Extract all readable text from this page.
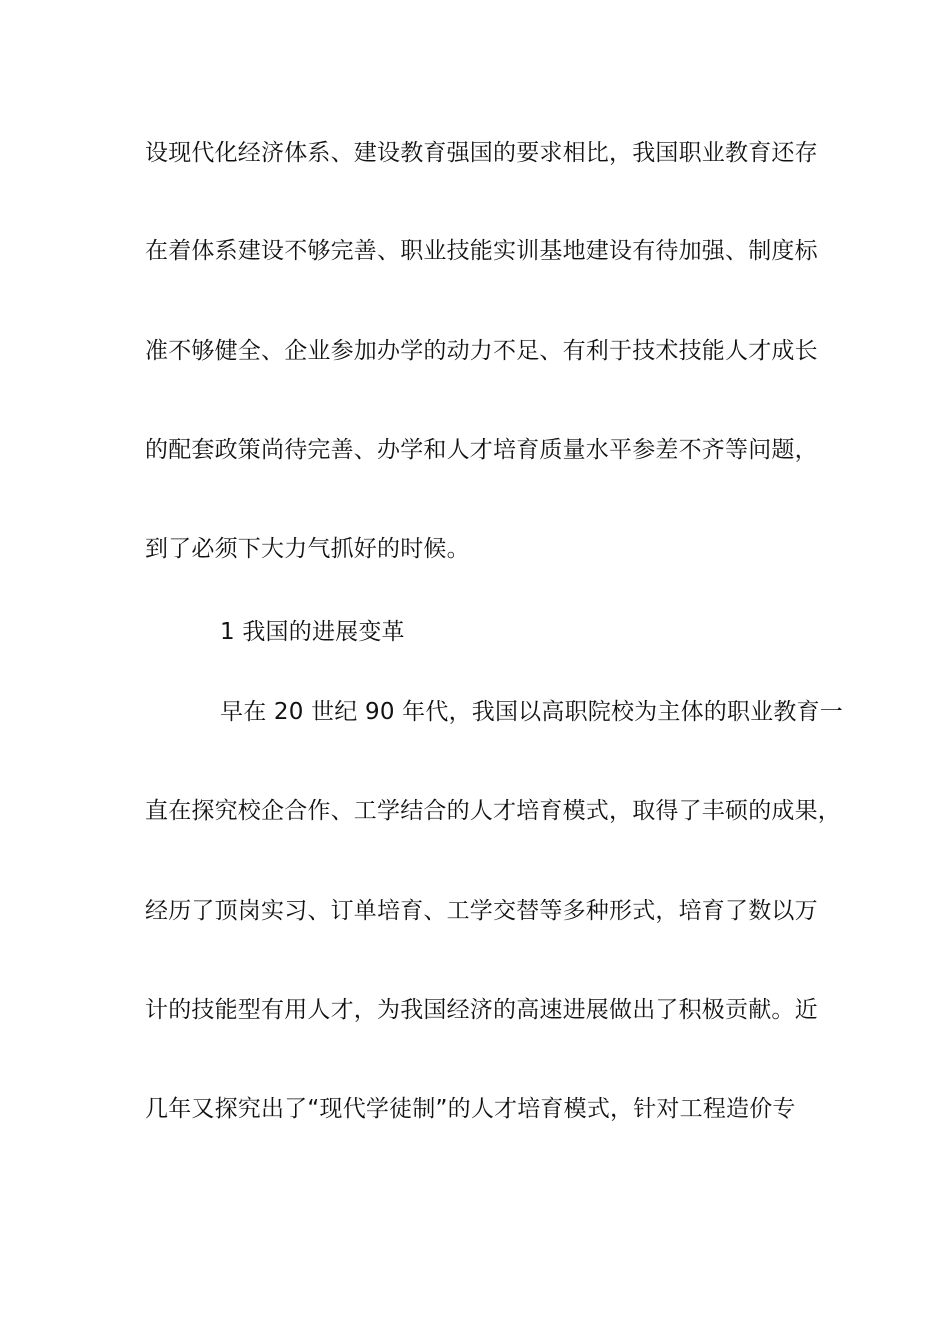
设现代化经济体系、建设教育强国的要求相比，我国职业教育还存
在着体系建设不够完善、职业技能实训基地建设有待加强、制度标
准不够健全、企业参加办学的动力不足、有利于技术技能人才成长
的配套政策尚待完善、办学和人才培育质量水平参差不齐等问题，
到了必须下大力气抓好的时候。
1 我国的进展变革
早在 20 世纪 90 年代，我国以高职院校为主体的职业教育一
直在探究校企合作、工学结合的人才培育模式，取得了丰硕的成果，
经历了顶岗实习、订单培育、工学交替等多种形式，培育了数以万
计的技能型有用人才，为我国经济的高速进展做出了积极贡献。近
几年又探究出了“现代学徒制”的人才培育模式，针对工程造价专
